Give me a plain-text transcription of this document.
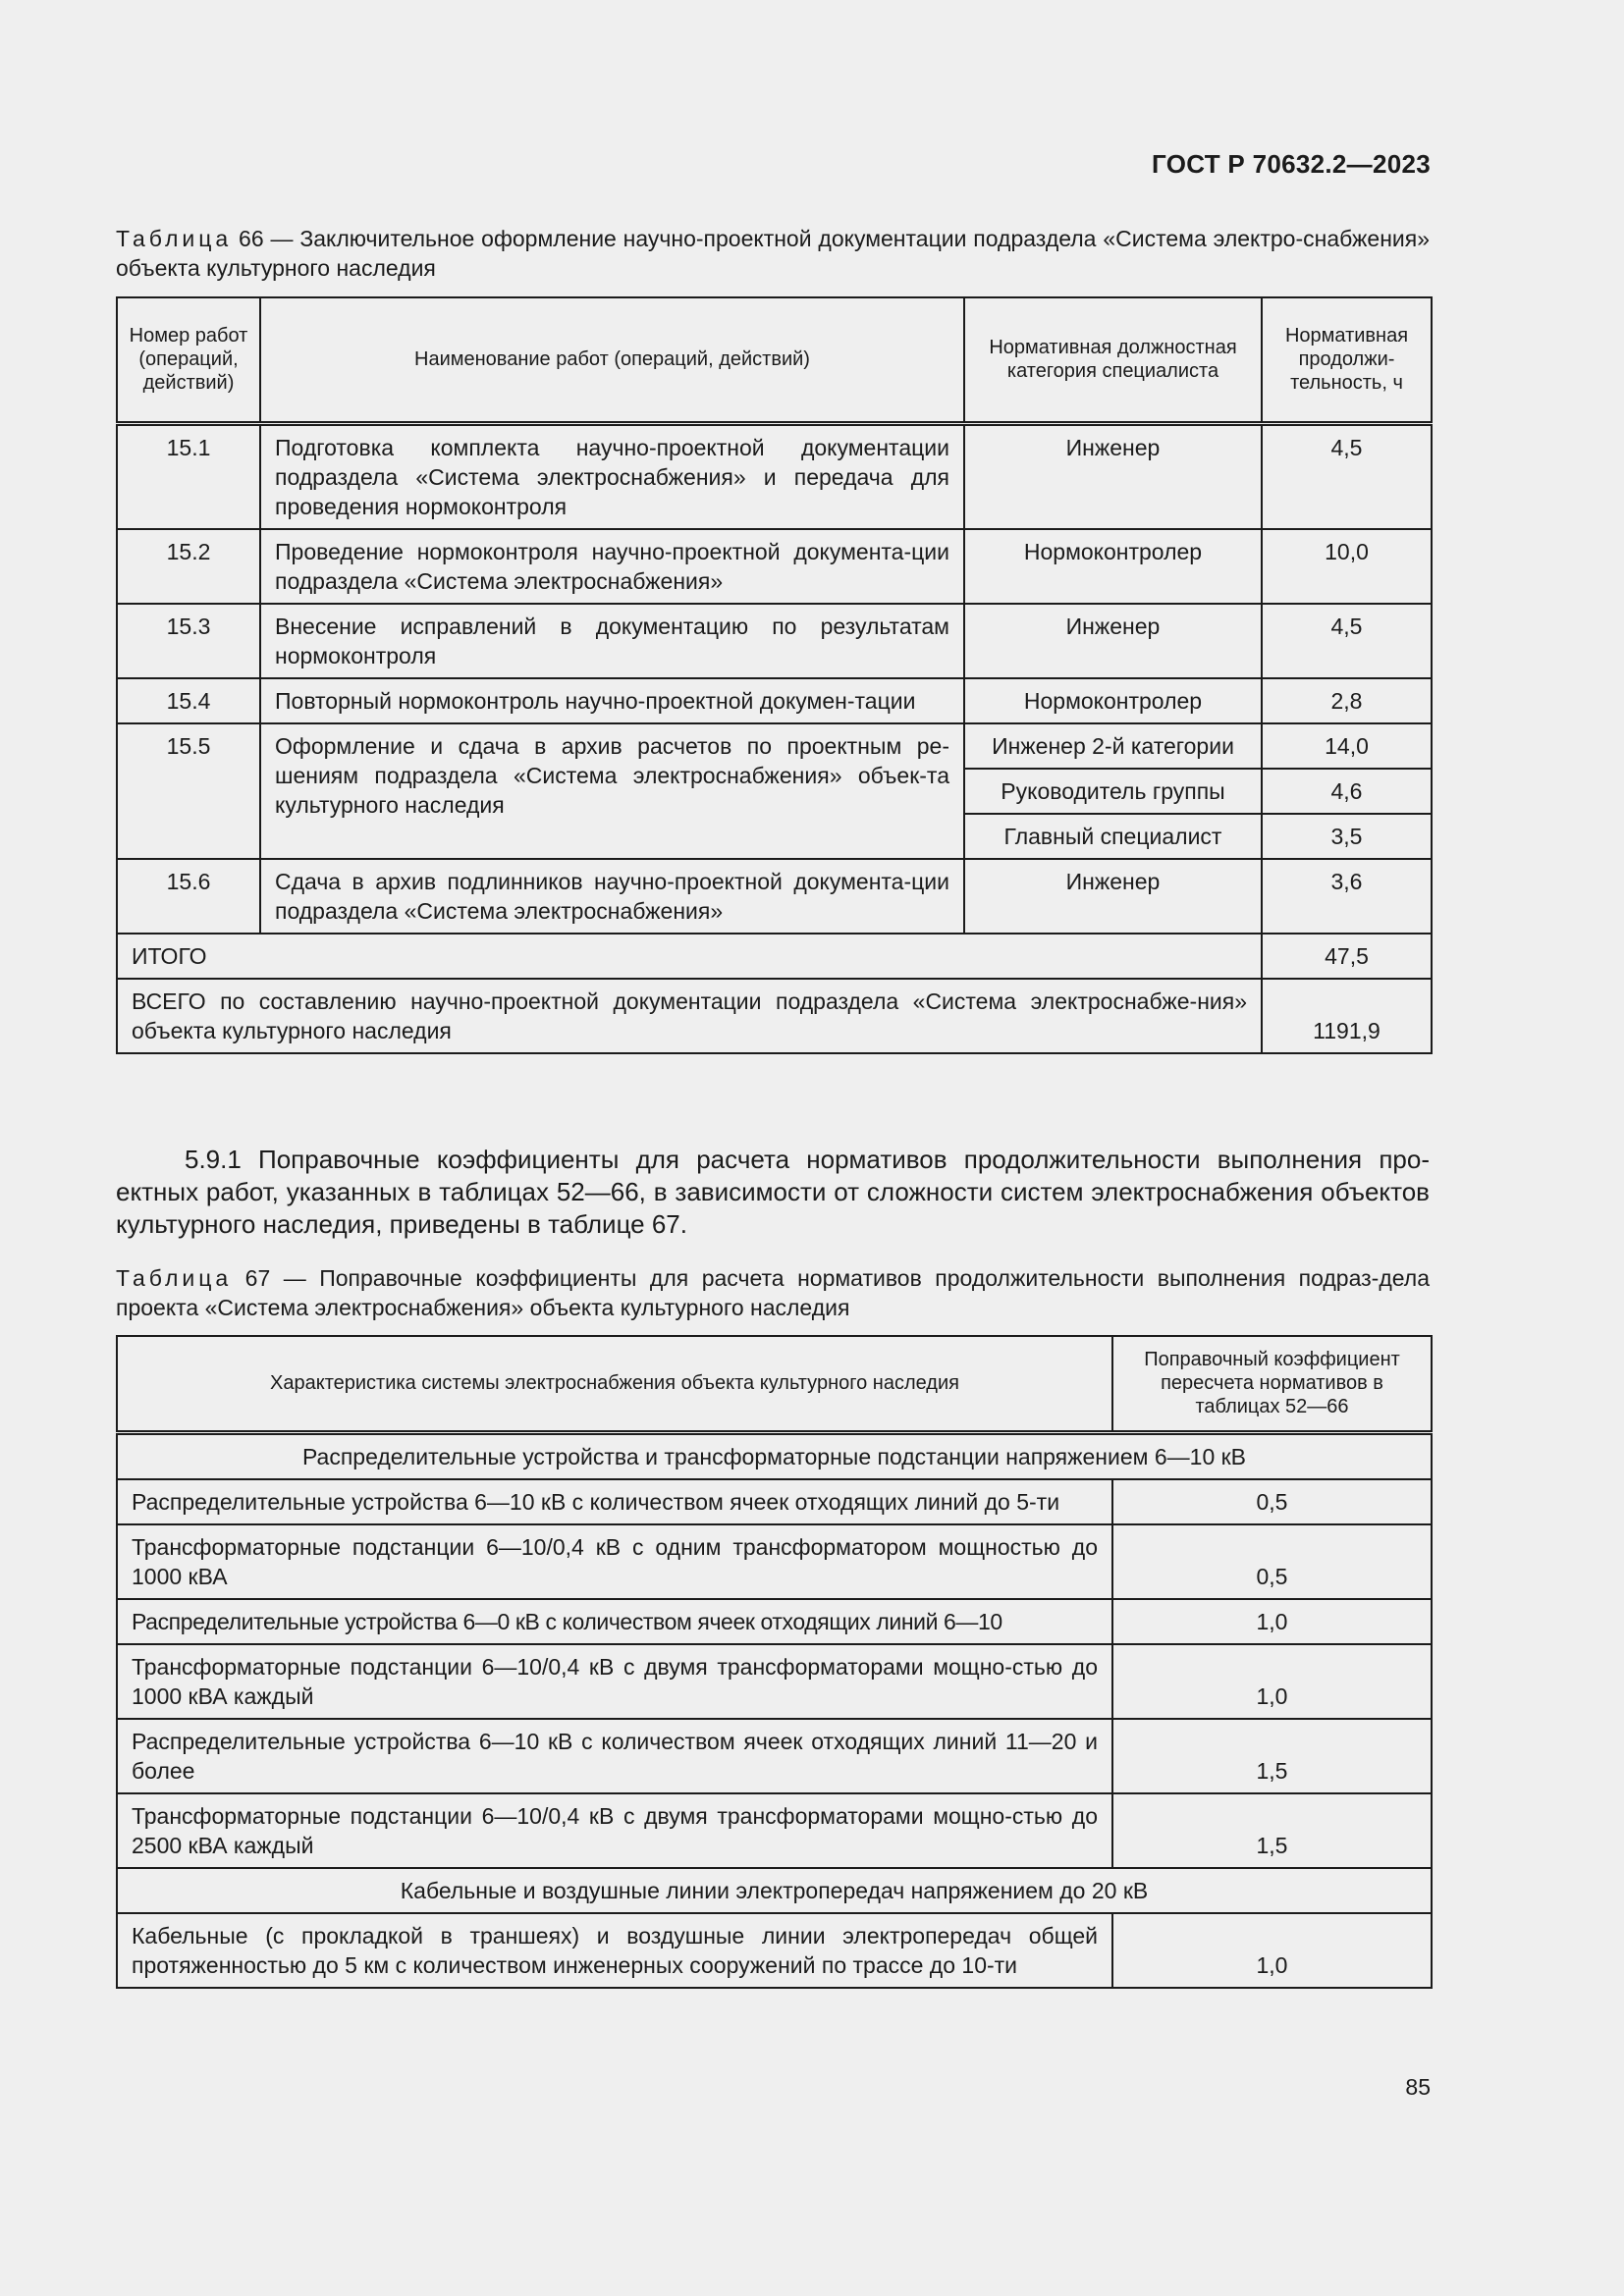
ГОСТ Р 70632.2—2023
Таблица 66 — Заключительное оформление научно-проектной документации подраздела «Система электро-снабжения» объекта культурного наследия
Номер работ (операций, действий)	Наименование работ (операций, действий)	Нормативная должностная категория специалиста	Нормативная продолжи-тельность, ч
15.1	Подготовка комплекта научно-проектной документации подраздела «Система электроснабжения» и передача для проведения нормоконтроля	Инженер	4,5
15.2	Проведение нормоконтроля научно-проектной документа-ции подраздела «Система электроснабжения»	Нормоконтролер	10,0
15.3	Внесение исправлений в документацию по результатам нормоконтроля	Инженер	4,5
15.4	Повторный нормоконтроль научно-проектной докумен-тации	Нормоконтролер	2,8
15.5	Оформление и сдача в архив расчетов по проектным ре-шениям подраздела «Система электроснабжения» объек-та культурного наследия	Инженер 2-й категории	14,0
		Руководитель группы	4,6
		Главный специалист	3,5
15.6	Сдача в архив подлинников научно-проектной документа-ции подраздела «Система электроснабжения»	Инженер	3,6
ИТОГО			47,5
ВСЕГО по составлению научно-проектной документации подраздела «Система электроснабже-ния» объекта культурного наследия			1191,9
5.9.1 Поправочные коэффициенты для расчета нормативов продолжительности выполнения про-ектных работ, указанных в таблицах 52—66, в зависимости от сложности систем электроснабжения объектов культурного наследия, приведены в таблице 67.
Таблица 67 — Поправочные коэффициенты для расчета нормативов продолжительности выполнения подраз-дела проекта «Система электроснабжения» объекта культурного наследия
Характеристика системы электроснабжения объекта культурного наследия	Поправочный коэффициент пересчета нормативов в таблицах 52—66
Распределительные устройства и трансформаторные подстанции напряжением 6—10 кВ	
Распределительные устройства 6—10 кВ с количеством ячеек отходящих линий до 5-ти	0,5
Трансформаторные подстанции 6—10/0,4 кВ с одним трансформатором мощностью до 1000 кВА	0,5
Распределительные устройства 6—0 кВ с количеством ячеек отходящих линий 6—10	1,0
Трансформаторные подстанции 6—10/0,4 кВ с двумя трансформаторами мощно-стью до 1000 кВА каждый	1,0
Распределительные устройства 6—10 кВ с количеством ячеек отходящих линий 11—20 и более	1,5
Трансформаторные подстанции 6—10/0,4 кВ с двумя трансформаторами мощно-стью до 2500 кВА каждый	1,5
Кабельные и воздушные линии электропередач напряжением до 20 кВ	
Кабельные (с прокладкой в траншеях) и воздушные линии электропередач общей протяженностью до 5 км с количеством инженерных сооружений по трассе до 10-ти	1,0
85
